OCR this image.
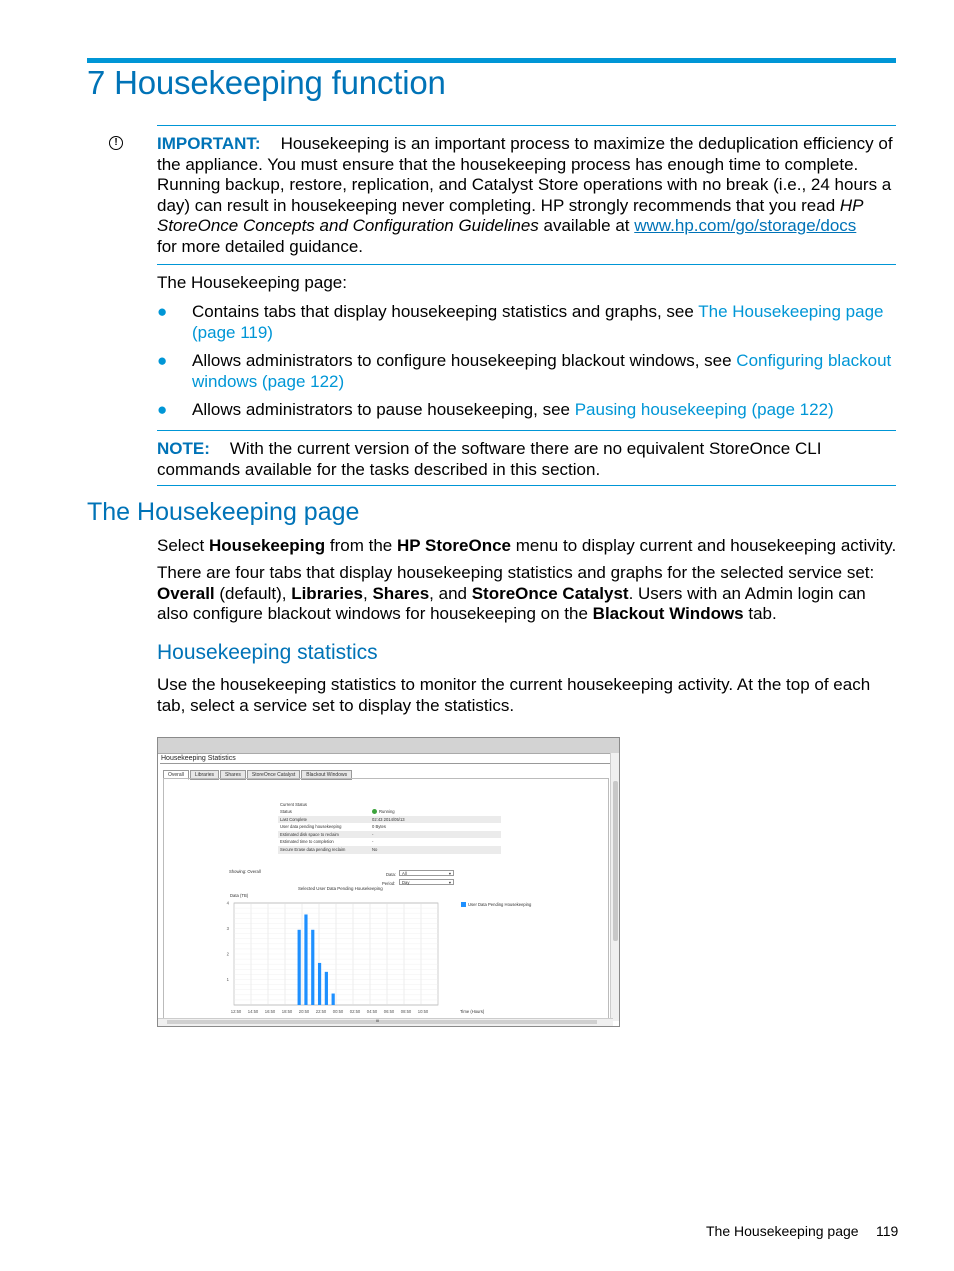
7 Housekeeping function
!	IMPORTANT: Housekeeping is an important process to maximize the deduplication efficiency of the appliance. You must ensure that the housekeeping process has enough time to complete. Running backup, restore, replication, and Catalyst Store operations with no break (i.e., 24 hours a day) can result in housekeeping never completing. HP strongly recommends that you read HP StoreOnce Concepts and Configuration Guidelines available at www.hp.com/go/storage/docs
for more detailed guidance.

The Housekeeping page:

● Contains tabs that display housekeeping statistics and graphs, see The Housekeeping page (page 119)
● Allows administrators to configure housekeeping blackout windows, see Configuring blackout windows (page 122)
● Allows administrators to pause housekeeping, see Pausing housekeeping (page 122)

NOTE: With the current version of the software there are no equivalent StoreOnce CLI commands available for the tasks described in this section.

The Housekeeping page

Select Housekeeping from the HP StoreOnce menu to display current and housekeeping activity.

There are four tabs that display housekeeping statistics and graphs for the selected service set: Overall (default), Libraries, Shares, and StoreOnce Catalyst. Users with an Admin login can also configure blackout windows for housekeeping on the Blackout Windows tab.

Housekeeping statistics

Use the housekeeping statistics to monitor the current housekeeping activity. At the top of each tab, select a service set to display the statistics.

Housekeeping Statistics
Overall	Libraries	Shares	StoreOnce Catalyst	Blackout Windows
Current Status
Status	Running
Last Complete	02:43 2014/05/13
User data pending housekeeping	0 Bytes
Estimated disk space to reclaim	-
Estimated time to completion	-
Secure Erase data pending reclaim	No
Showing: Overall
Data:	All	▾
Period:	Day	▾
Selected User Data Pending Housekeeping
Data (TB)
User Data Pending Housekeeping
4
3
2
1
12:50 14:50 16:50 18:50 20:50 22:50 00:50 02:50 04:50 06:50 08:50 10:50	Time (Hours)
III
The Housekeeping page 119
